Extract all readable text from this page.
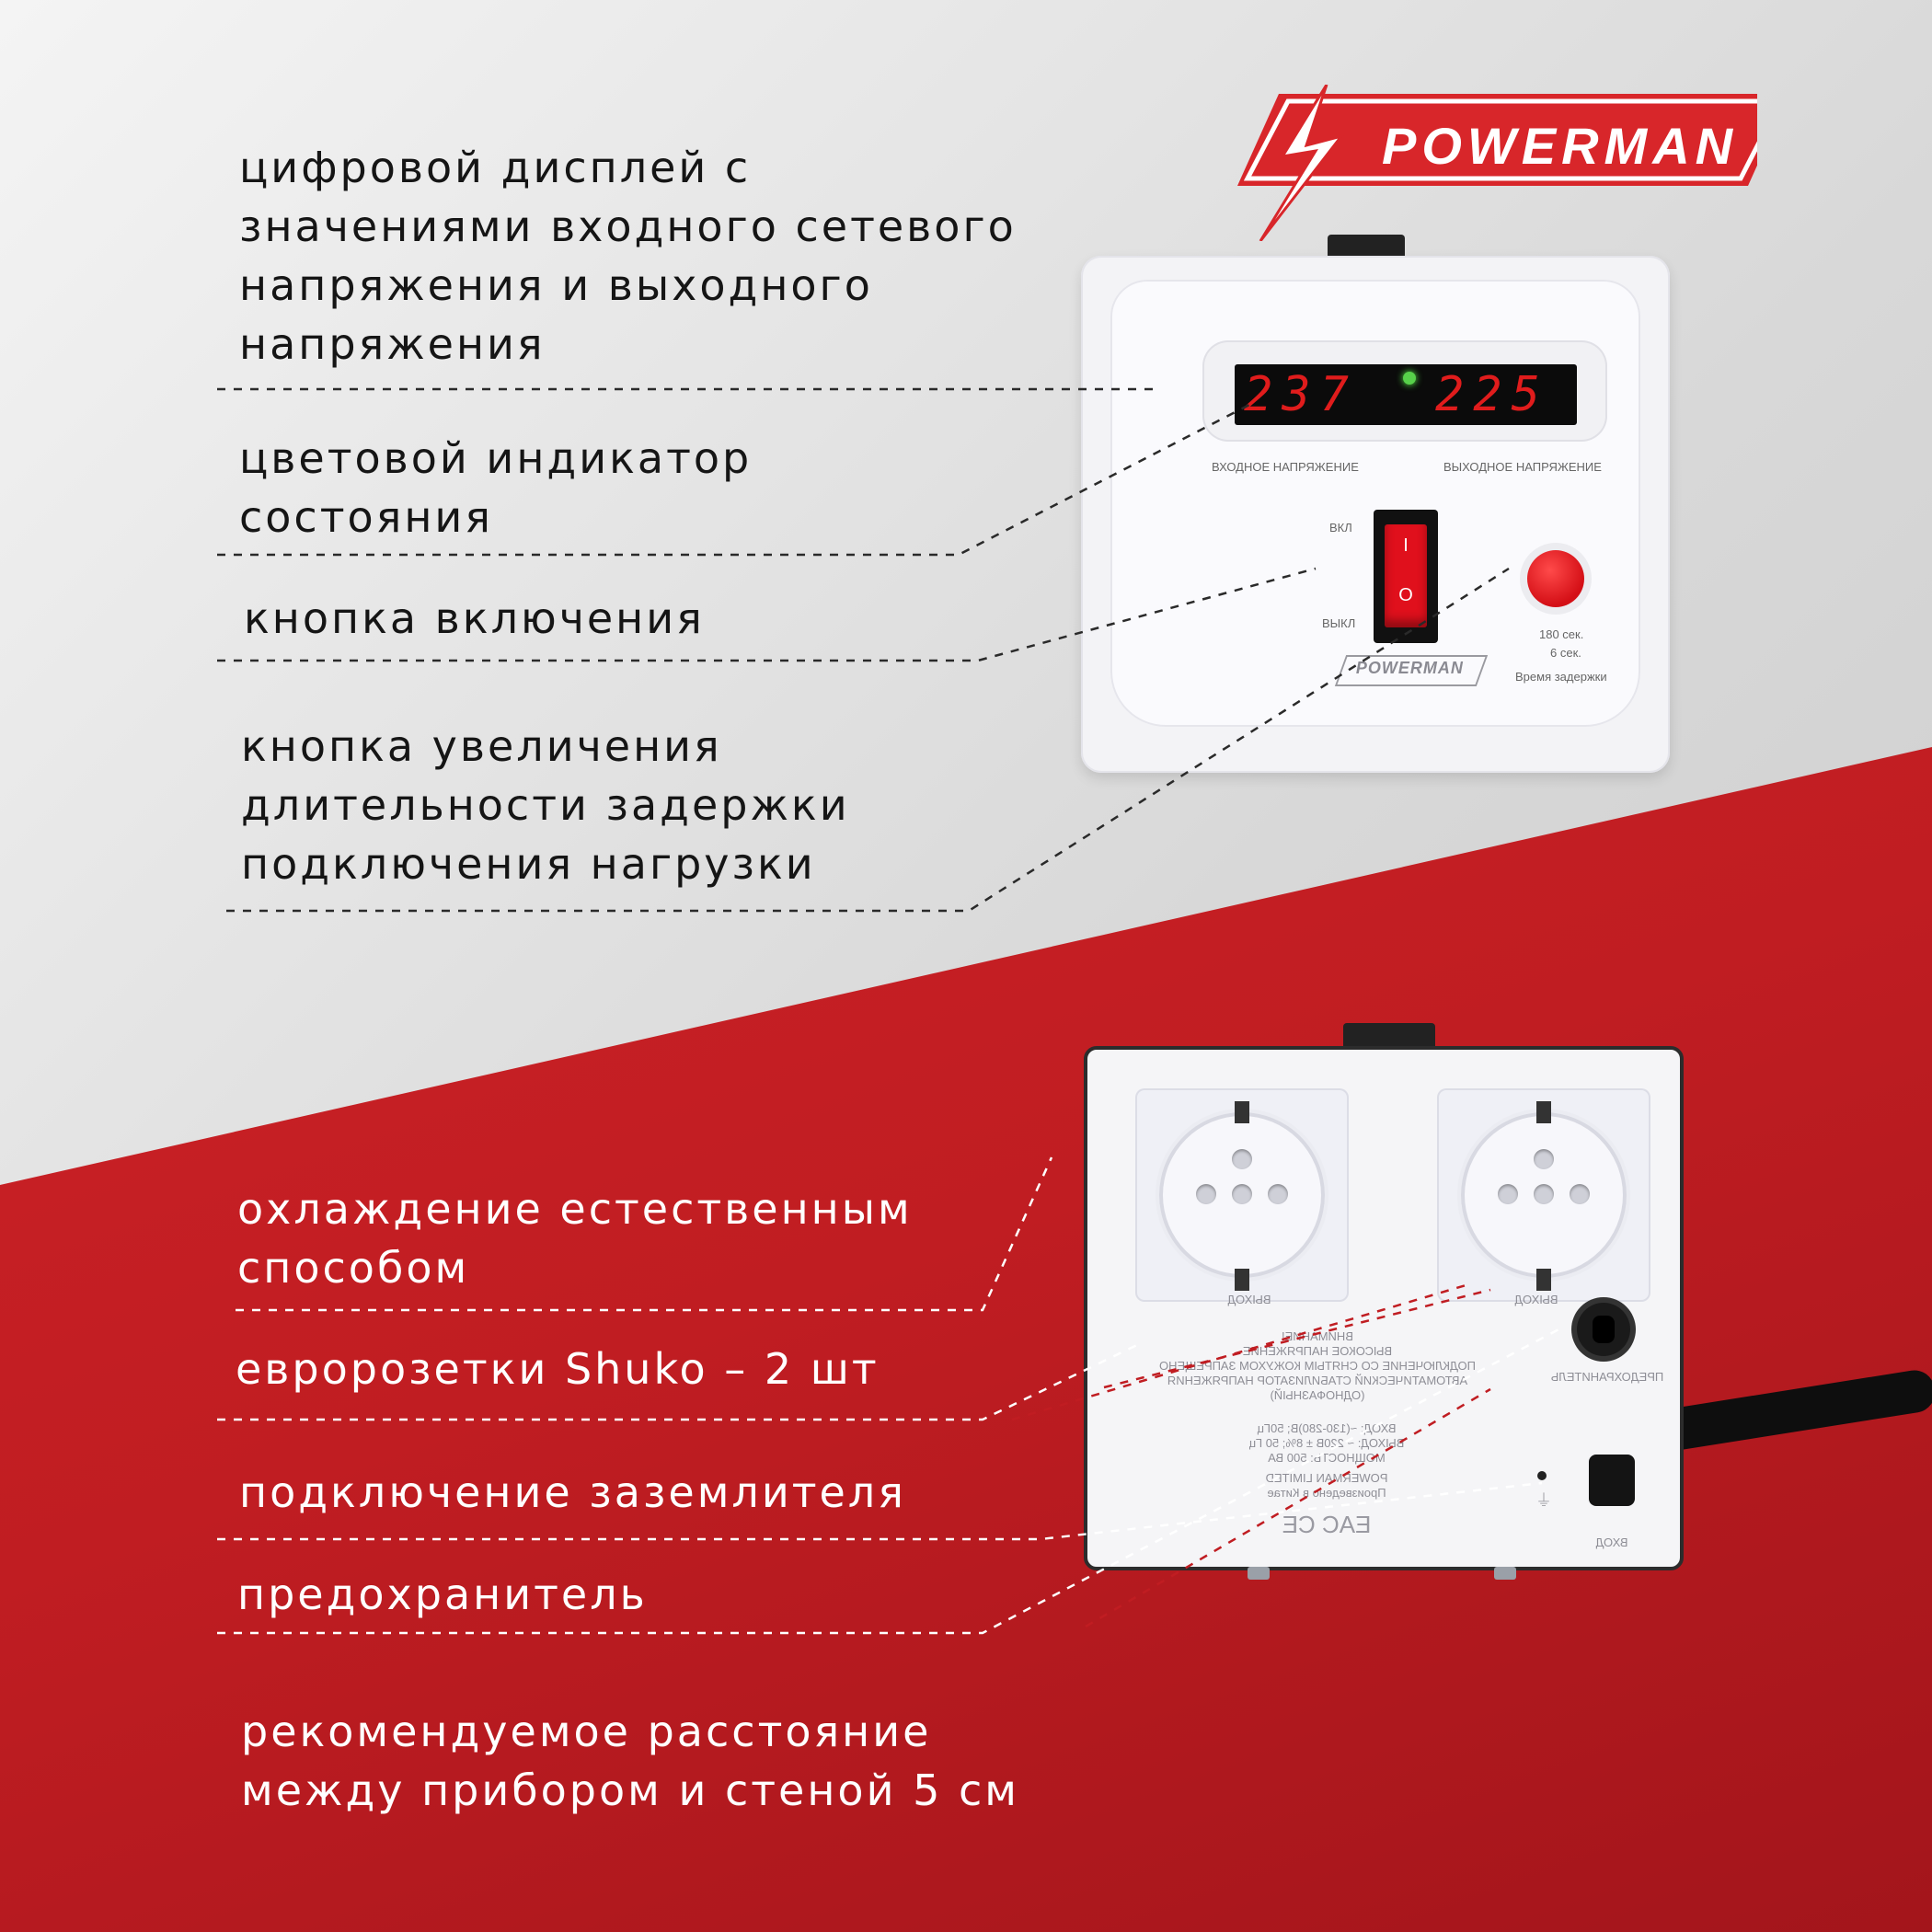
POWERMAN
237 225
ВХОДНОЕ НАПРЯЖЕНИЕ	ВЫХОДНОЕ НАПРЯЖЕНИЕ
ВКЛ
ВЫКЛ
I
O
180 сек.
6 сек.
Время задержки
POWERMAN
ВЫХОД	ВЫХОД
ПРЕДОХРАНИТЕЛЬ
ВНИМАНИЕ!
ВЫСОКОЕ НАПРЯЖЕНИЕ
ПОДКЛЮЧЕНИЕ СО СНЯТЫМ КОЖУХОМ ЗАПРЕЩЕНО
АВТОМАТИЧЕСКИЙ СТАБИЛИЗАТОР НАПРЯЖЕНИЯ
(ОДНОФАЗНЫЙ)
ВХОД: ~(130-280)В; 50Гц
ВЫХОД: ~ 220В ± 8%; 50 Гц
МОЩНОСТЬ: 500 ВА
POWERMAN LIMITED
Произведено в Китае
EAC CE
⏚
ВХОД
цифровой дисплей с
значениями входного сетевого
напряжения и выходного
напряжения
цветовой индикатор
состояния
кнопка включения
кнопка увеличения
длительности задержки
подключения нагрузки
охлаждение естественным
способом
евророзетки Shuko – 2 шт
подключение заземлителя
предохранитель
рекомендуемое расстояние
между прибором и стеной 5 см
